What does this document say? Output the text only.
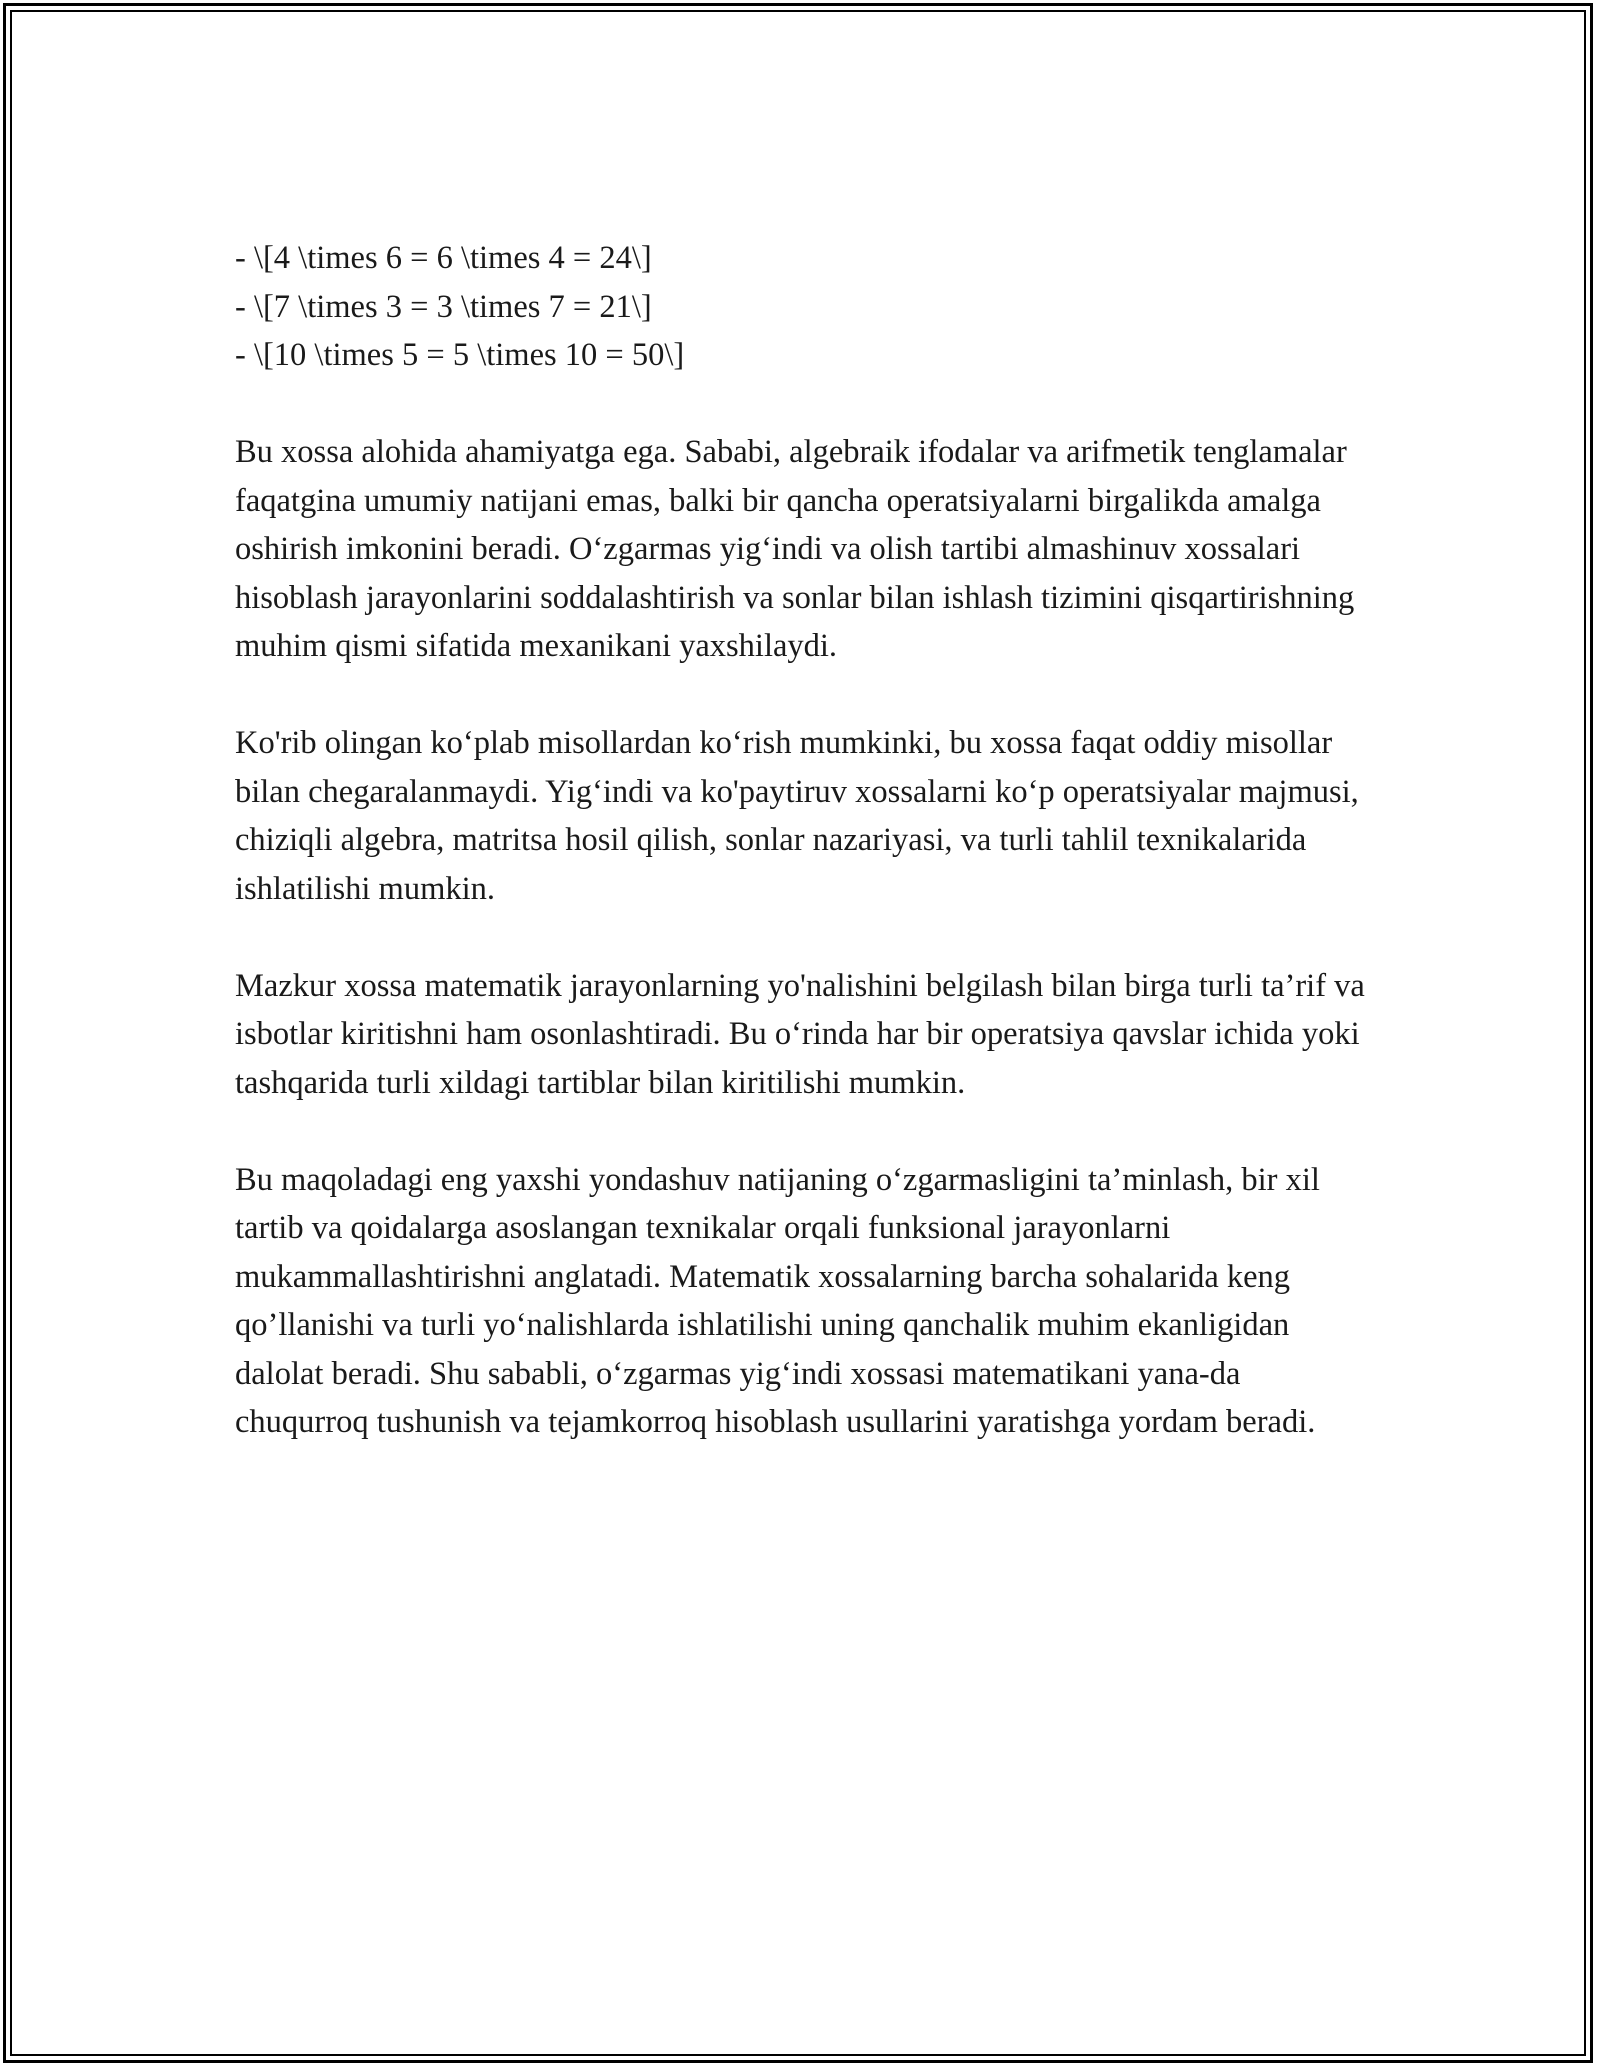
- \[4 \times 6 = 6 \times 4 = 24\]
- \[7 \times 3 = 3 \times 7 = 21\]
- \[10 \times 5 = 5 \times 10 = 50\]

Bu xossa alohida ahamiyatga ega. Sababi, algebraik ifodalar va arifmetik tenglamalar faqatgina umumiy natijani emas, balki bir qancha operatsiyalarni birgalikda amalga oshirish imkonini beradi. O‘zgarmas yig‘indi va olish tartibi almashinuv xossalari hisoblash jarayonlarini soddalashtirish va sonlar bilan ishlash tizimini qisqartirishning muhim qismi sifatida mexanikani yaxshilaydi.

Ko'rib olingan ko‘plab misollardan ko‘rish mumkinki, bu xossa faqat oddiy misollar bilan chegaralanmaydi. Yig‘indi va ko'paytiruv xossalarni ko‘p operatsiyalar majmusi, chiziqli algebra, matritsa hosil qilish, sonlar nazariyasi, va turli tahlil texnikalarida ishlatilishi mumkin.

Mazkur xossa matematik jarayonlarning yo'nalishini belgilash bilan birga turli ta’rif va isbotlar kiritishni ham osonlashtiradi. Bu o‘rinda har bir operatsiya qavslar ichida yoki tashqarida turli xildagi tartiblar bilan kiritilishi mumkin.

Bu maqoladagi eng yaxshi yondashuv natijaning o‘zgarmasligini ta’minlash, bir xil tartib va qoidalarga asoslangan texnikalar orqali funksional jarayonlarni mukammallashtirishni anglatadi. Matematik xossalarning barcha sohalarida keng qo’llanishi va turli yo‘nalishlarda ishlatilishi uning qanchalik muhim ekanligidan dalolat beradi. Shu sababli, o‘zgarmas yig‘indi xossasi matematikani yana-da chuqurroq tushunish va tejamkorroq hisoblash usullarini yaratishga yordam beradi.
